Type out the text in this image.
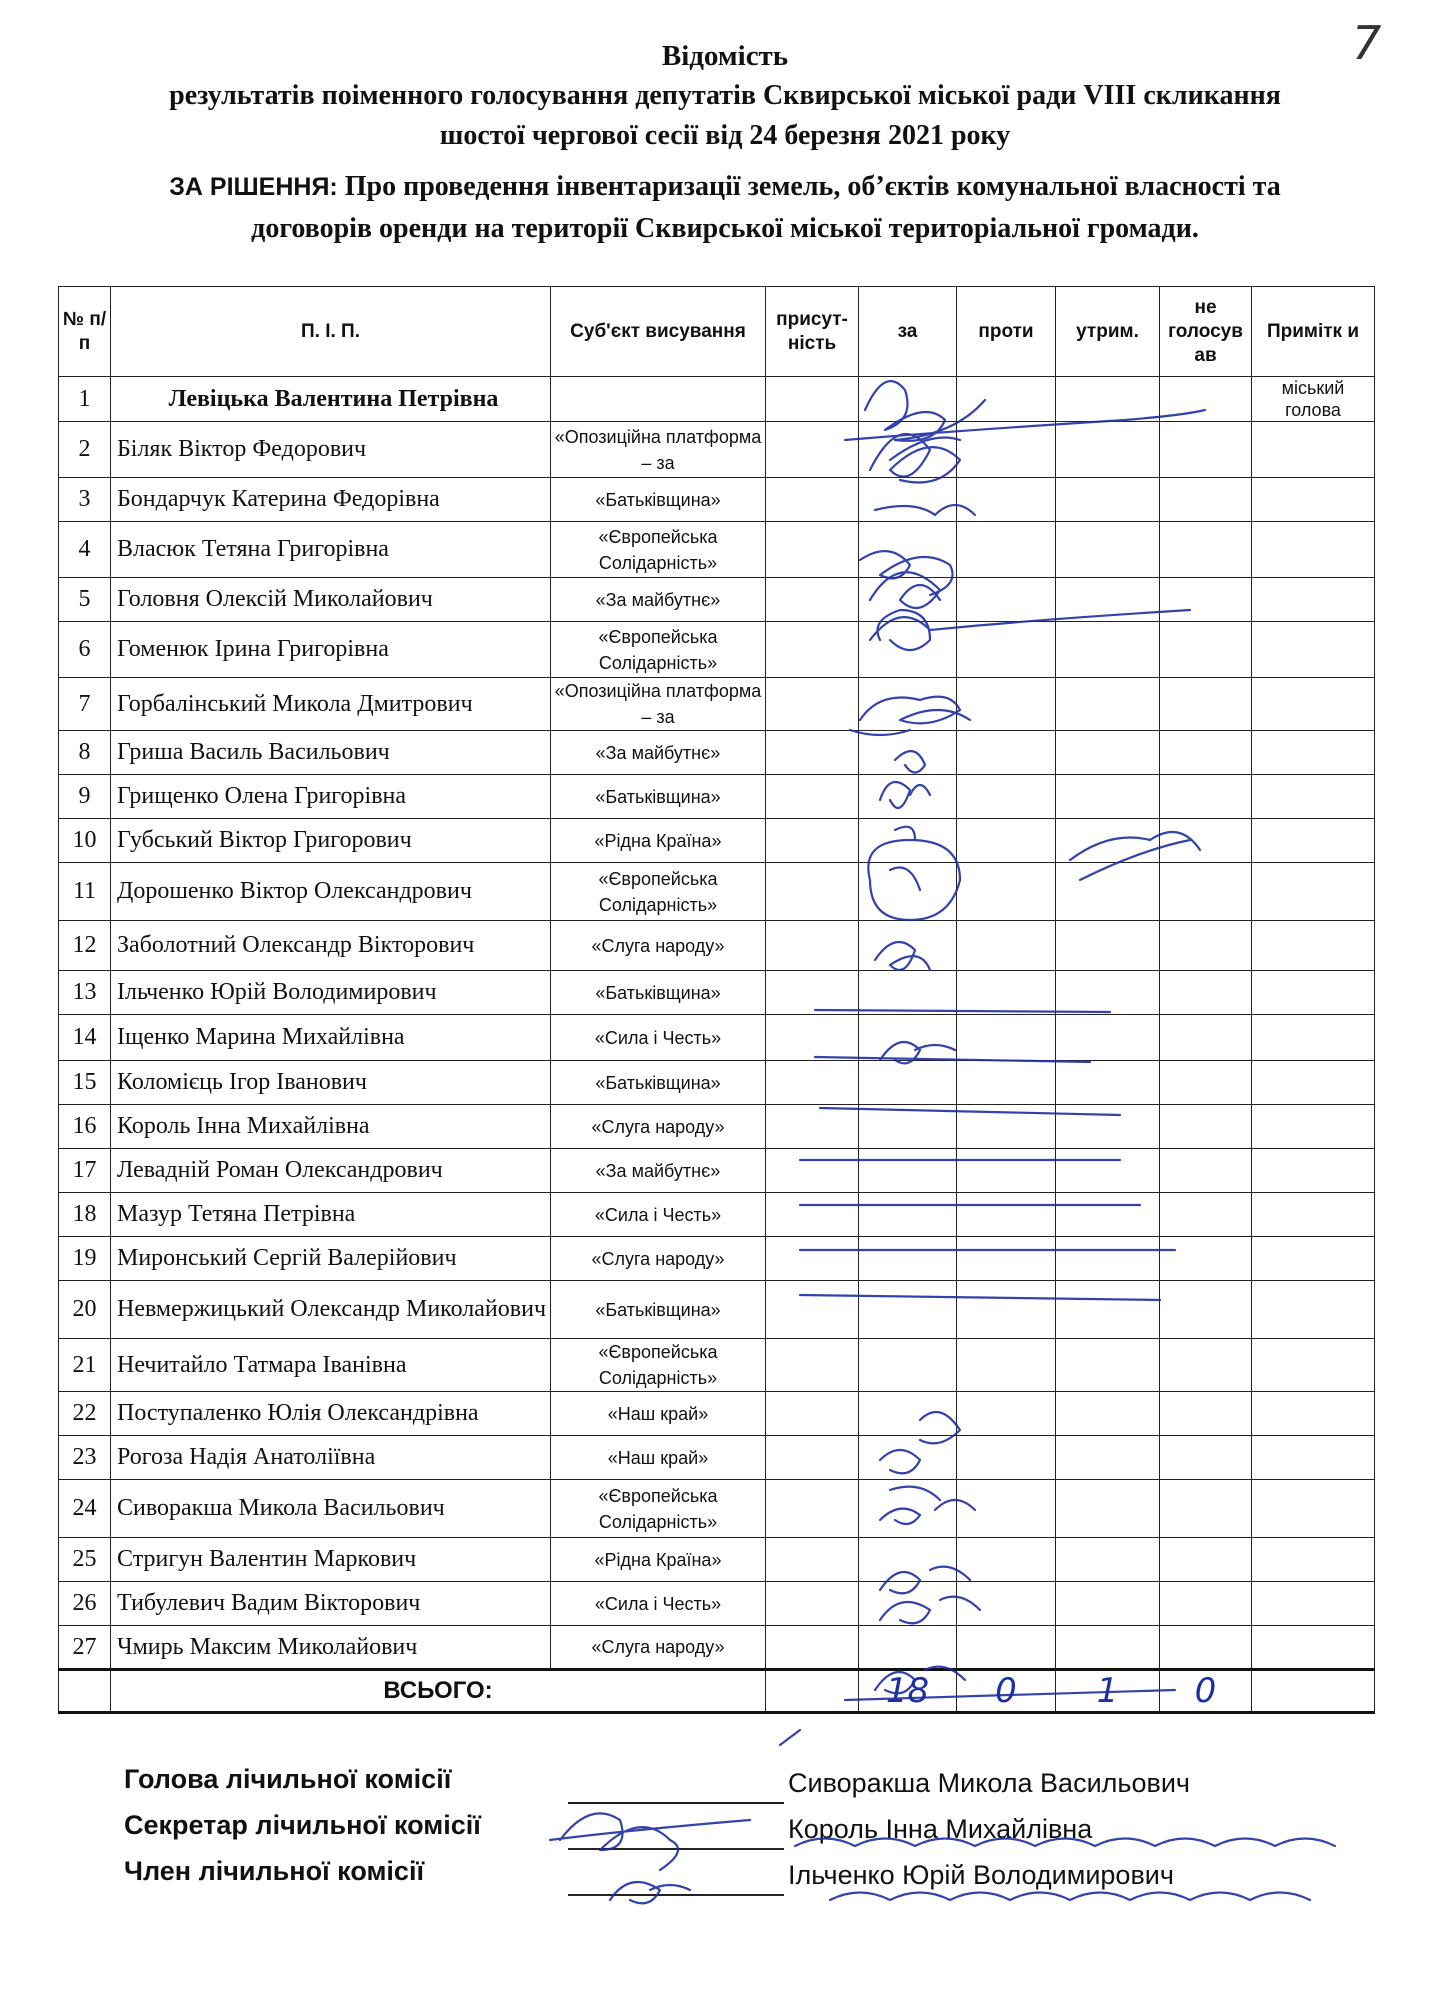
7
Відомість
результатів поіменного голосування депутатів Сквирської міської ради VIII скликання
шостої чергової сесії від 24 березня 2021 року
ЗА РІШЕННЯ: Про проведення інвентаризації земель, об’єктів комунальної власності та
договорів оренди на території Сквирської міської територіальної громади.
№ п/п	П. І. П.	Суб'єкт висування	присут-ність	за	проти	утрим.	не голосув ав	Примітк и
1	Левіцька Валентина Петрівна							міський голова
2	Біляк Віктор Федорович	«Опозиційна платформа – за						
3	Бондарчук Катерина Федорівна	«Батьківщина»						
4	Власюк Тетяна Григорівна	«Європейська Солідарність»						
5	Головня Олексій Миколайович	«За майбутнє»						
6	Гоменюк Ірина Григорівна	«Європейська Солідарність»						
7	Горбалінський Микола Дмитрович	«Опозиційна платформа – за						
8	Гриша Василь Васильович	«За майбутнє»						
9	Грищенко Олена Григорівна	«Батьківщина»						
10	Губський Віктор Григорович	«Рідна Країна»						
11	Дорошенко Віктор Олександрович	«Європейська Солідарність»						
12	Заболотний Олександр Вікторович	«Слуга народу»						
13	Ільченко Юрій Володимирович	«Батьківщина»						
14	Іщенко Марина Михайлівна	«Сила і Честь»						
15	Коломієць Ігор Іванович	«Батьківщина»						
16	Король Інна Михайлівна	«Слуга народу»						
17	Левадній Роман Олександрович	«За майбутнє»						
18	Мазур Тетяна Петрівна	«Сила і Честь»						
19	Миронський Сергій Валерійович	«Слуга народу»						
20	Невмержицький Олександр Миколайович	«Батьківщина»						
21	Нечитайло Татмара Іванівна	«Європейська Солідарність»						
22	Поступаленко Юлія Олександрівна	«Наш край»						
23	Рогоза Надія Анатоліївна	«Наш край»						
24	Сиворакша Микола Васильович	«Європейська Солідарність»						
25	Стригун Валентин Маркович	«Рідна Країна»						
26	Тибулевич Вадим Вікторович	«Сила і Честь»						
27	Чмирь Максим Миколайович	«Слуга народу»						
	ВСЬОГО:			18	0	1	0	
Голова лічильної комісії	Сиворакша Микола Васильович
Секретар лічильної комісії	Король Інна Михайлівна
Член лічильної комісії	Ільченко Юрій Володимирович
